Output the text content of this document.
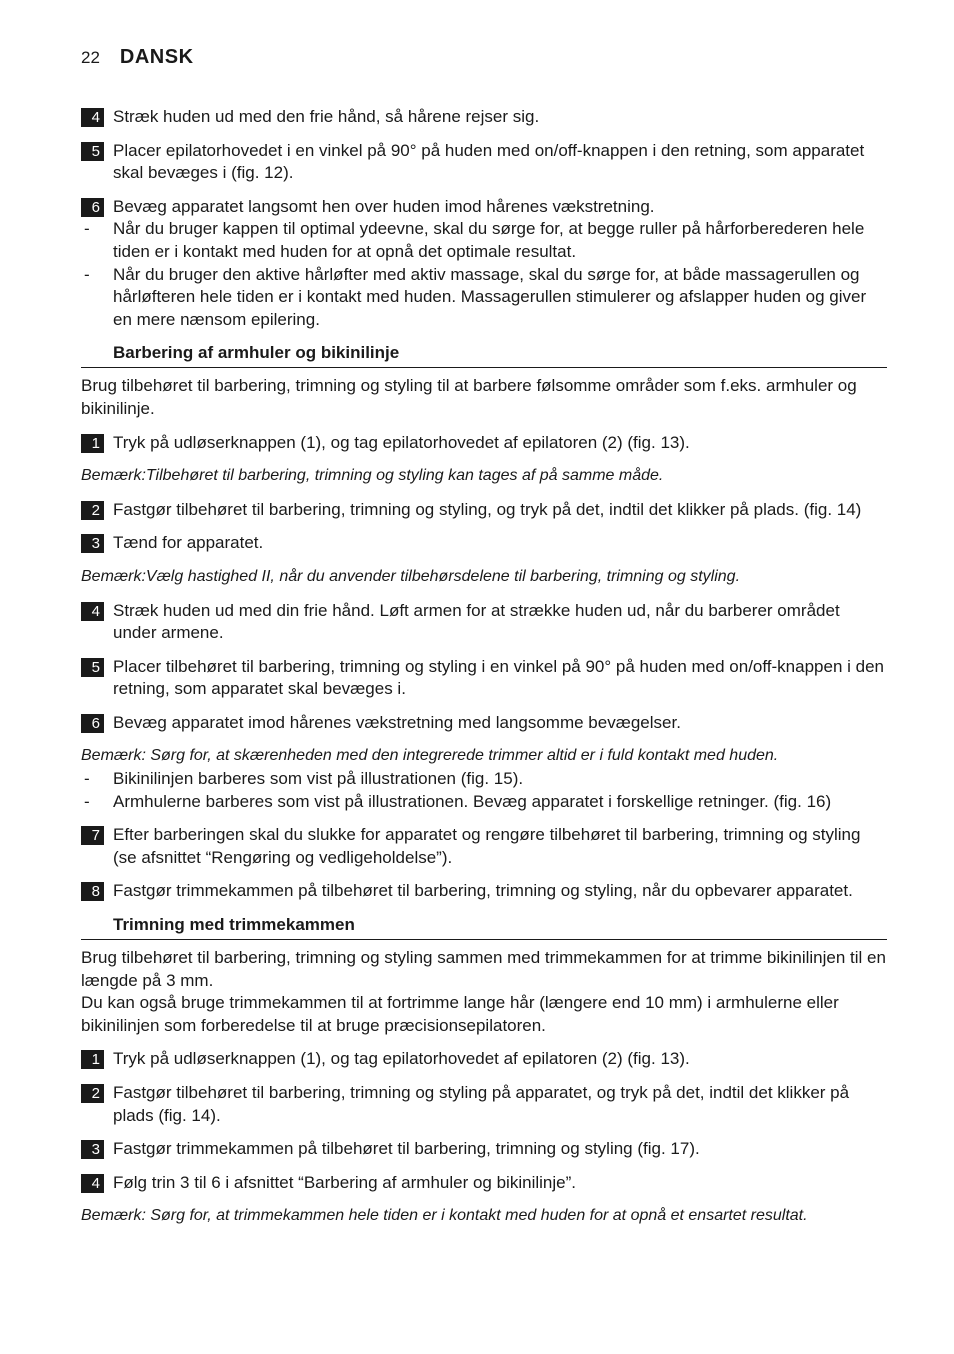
22 DANSK
4 Stræk huden ud med den frie hånd, så hårene rejser sig.
5 Placer epilatorhovedet i en vinkel på 90° på huden med on/off-knappen i den retning, som apparatet skal bevæges i (fig. 12).
6 Bevæg apparatet langsomt hen over huden imod hårenes vækstretning.
- Når du bruger kappen til optimal ydeevne, skal du sørge for, at begge ruller på hårforberederen hele tiden er i kontakt med huden for at opnå det optimale resultat.
- Når du bruger den aktive hårløfter med aktiv massage, skal du sørge for, at både massagerullen og hårløfteren hele tiden er i kontakt med huden. Massagerullen stimulerer og afslapper huden og giver en mere nænsom epilering.
Barbering af armhuler og bikinilinje
Brug tilbehøret til barbering, trimning og styling til at barbere følsomme områder som f.eks. armhuler og bikinilinje.
1 Tryk på udløserknappen (1), og tag epilatorhovedet af epilatoren (2) (fig. 13).
Bemærk:Tilbehøret til barbering, trimning og styling kan tages af på samme måde.
2 Fastgør tilbehøret til barbering, trimning og styling, og tryk på det, indtil det klikker på plads. (fig. 14)
3 Tænd for apparatet.
Bemærk:Vælg hastighed II, når du anvender tilbehørsdelene til barbering, trimning og styling.
4 Stræk huden ud med din frie hånd. Løft armen for at strække huden ud, når du barberer området under armene.
5 Placer tilbehøret til barbering, trimning og styling i en vinkel på 90° på huden med on/off-knappen i den retning, som apparatet skal bevæges i.
6 Bevæg apparatet imod hårenes vækstretning med langsomme bevægelser.
Bemærk: Sørg for, at skærenheden med den integrerede trimmer altid er i fuld kontakt med huden.
- Bikinilinjen barberes som vist på illustrationen (fig. 15).
- Armhulerne barberes som vist på illustrationen. Bevæg apparatet i forskellige retninger. (fig. 16)
7 Efter barberingen skal du slukke for apparatet og rengøre tilbehøret til barbering, trimning og styling (se afsnittet “Rengøring og vedligeholdelse”).
8 Fastgør trimmekammen på tilbehøret til barbering, trimning og styling, når du opbevarer apparatet.
Trimning med trimmekammen
Brug tilbehøret til barbering, trimning og styling sammen med trimmekammen for at trimme bikinilinjen til en længde på 3 mm.
Du kan også bruge trimmekammen til at fortrimme lange hår (længere end 10 mm) i armhulerne eller bikinilinjen som forberedelse til at bruge præcisionsepilatoren.
1 Tryk på udløserknappen (1), og tag epilatorhovedet af epilatoren (2) (fig. 13).
2 Fastgør tilbehøret til barbering, trimning og styling på apparatet, og tryk på det, indtil det klikker på plads (fig. 14).
3 Fastgør trimmekammen på tilbehøret til barbering, trimning og styling (fig. 17).
4 Følg trin 3 til 6 i afsnittet “Barbering af armhuler og bikinilinje”.
Bemærk: Sørg for, at trimmekammen hele tiden er i kontakt med huden for at opnå et ensartet resultat.
